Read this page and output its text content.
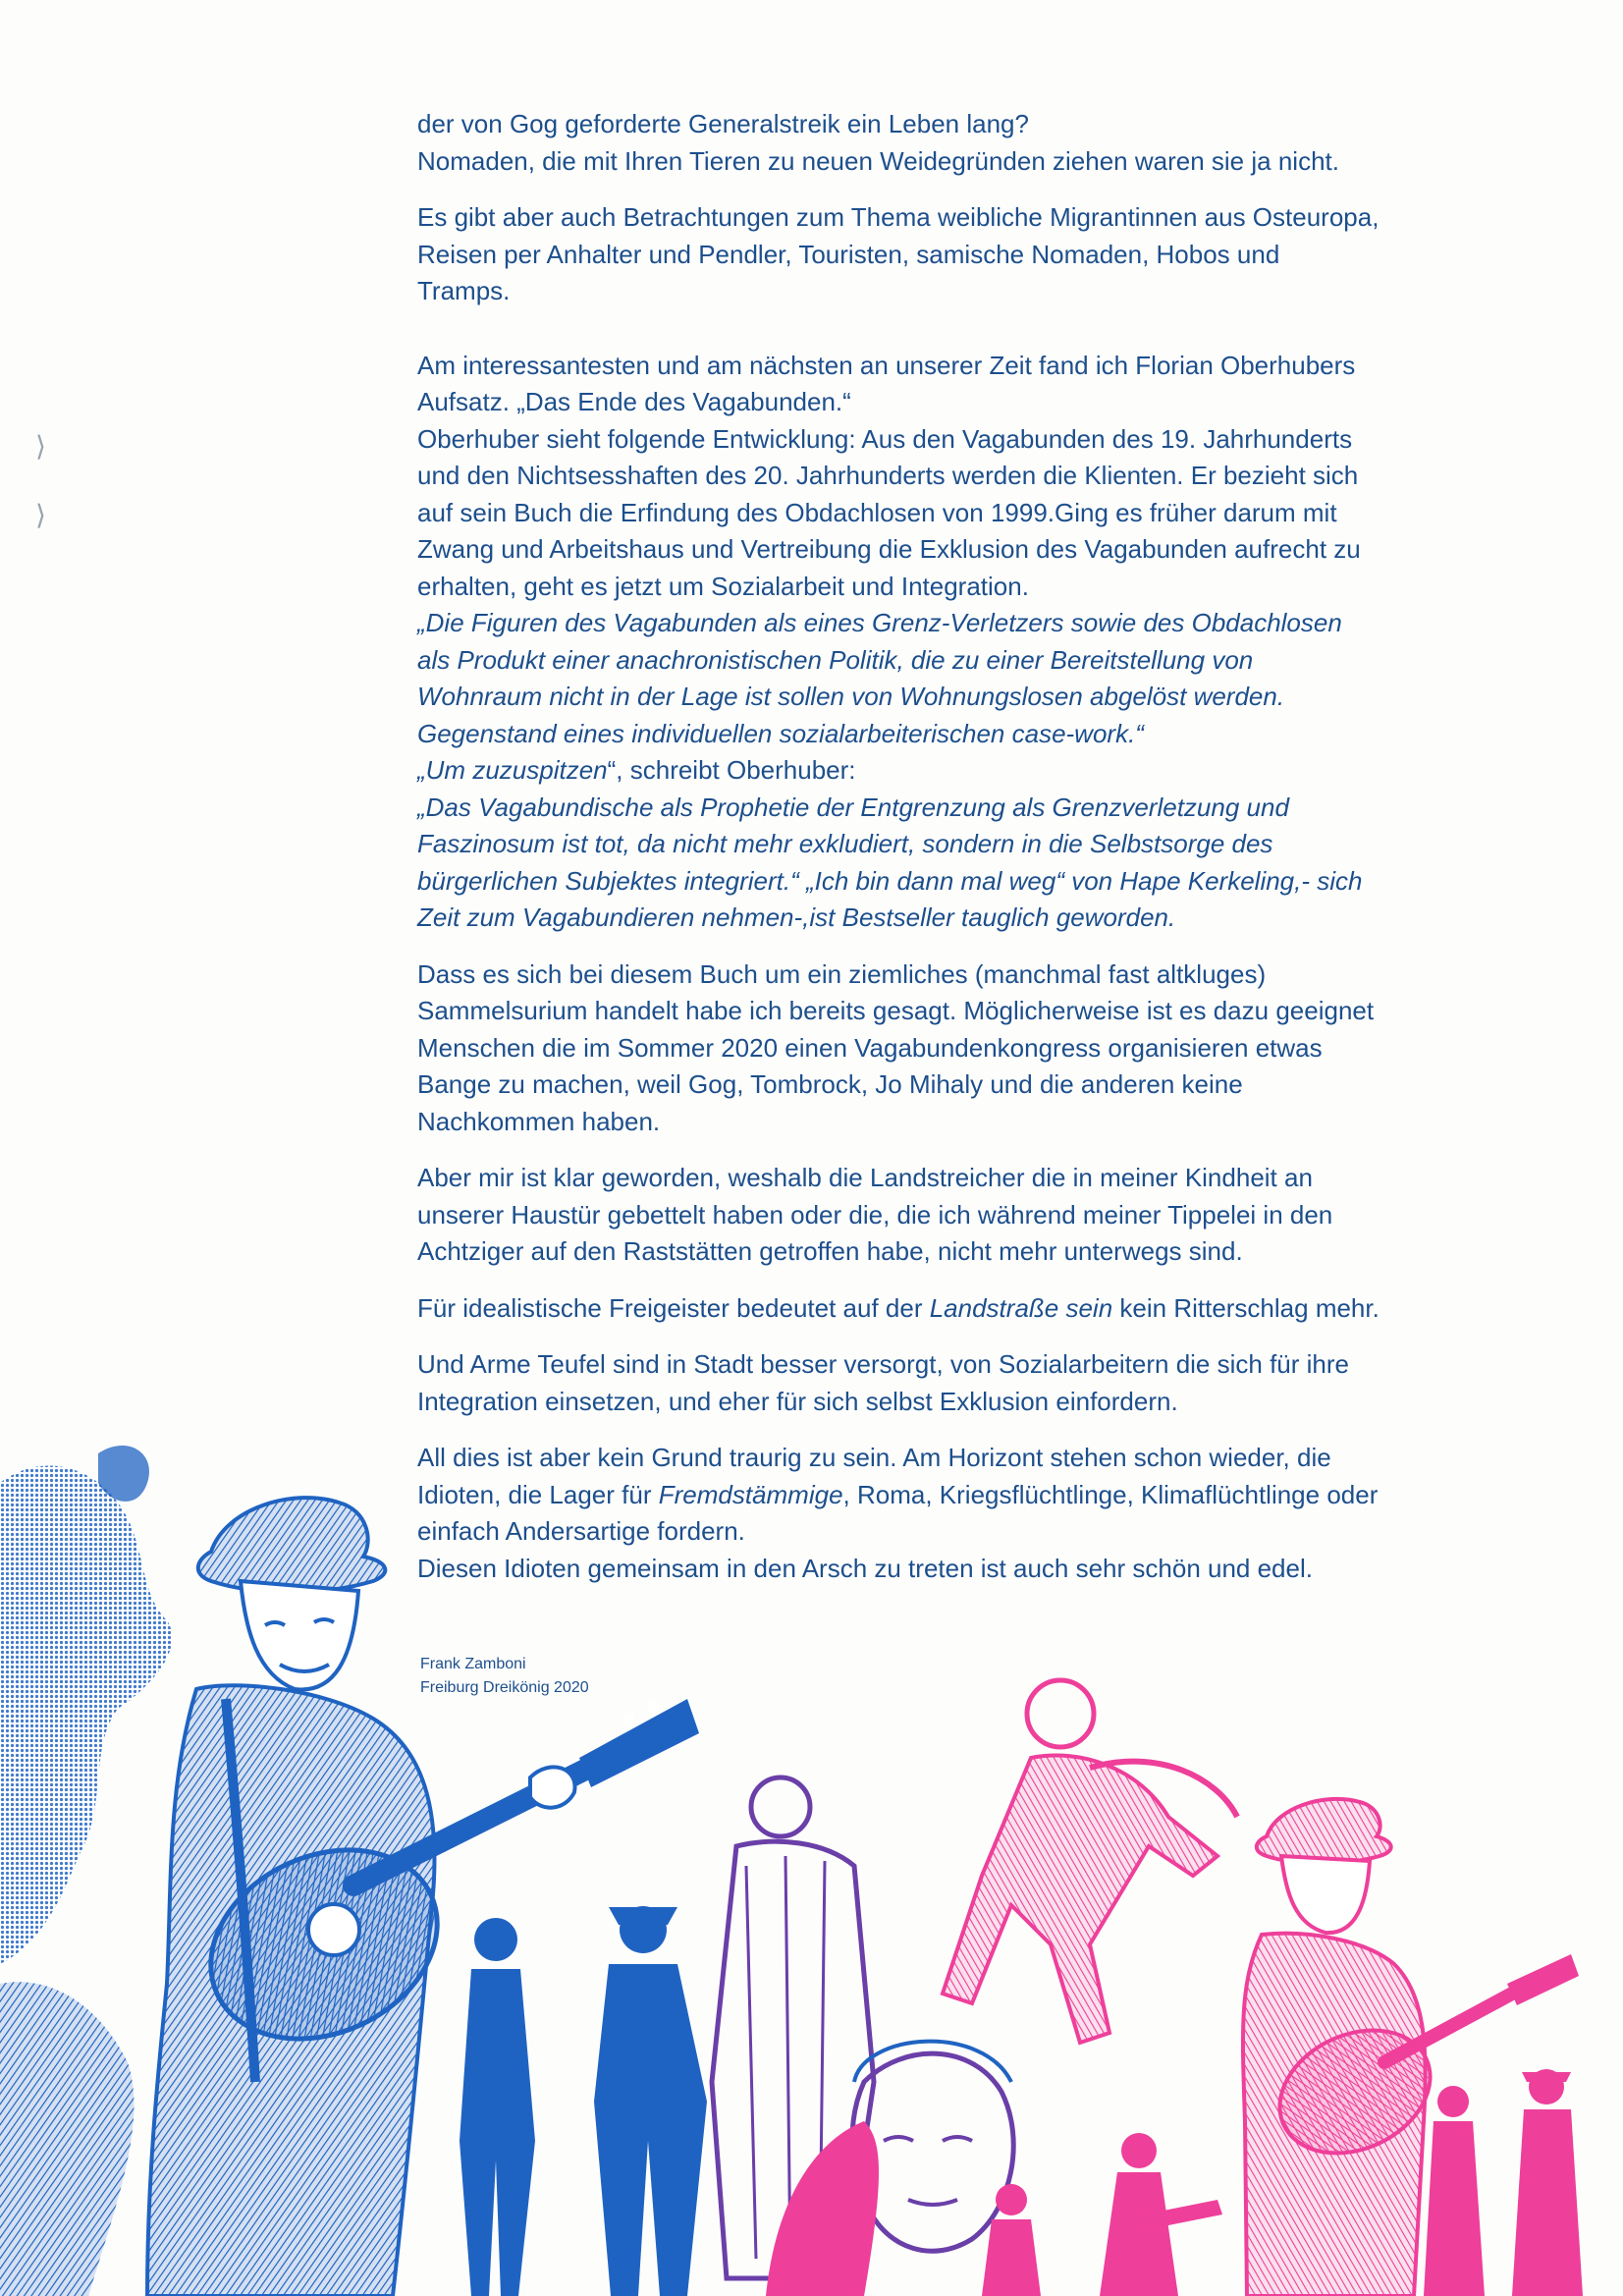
⟩
⟩
der von Gog geforderte Generalstreik ein Leben lang?
Nomaden, die mit Ihren Tieren zu neuen Weidegründen ziehen waren sie ja nicht.
Es gibt aber auch Betrachtungen zum Thema weibliche Migrantinnen aus Osteuropa,
Reisen per Anhalter und Pendler, Touristen, samische Nomaden, Hobos und
Tramps.
Am interessantesten und am nächsten an unserer Zeit fand ich Florian Oberhubers
Aufsatz. „Das Ende des Vagabunden.“
Oberhuber sieht folgende Entwicklung: Aus den Vagabunden des 19. Jahrhunderts
und den Nichtsesshaften des 20. Jahrhunderts werden die Klienten. Er bezieht sich
auf sein Buch die Erfindung des Obdachlosen von 1999.Ging es früher darum mit
Zwang und Arbeitshaus und Vertreibung die Exklusion des Vagabunden aufrecht zu
erhalten, geht es jetzt um Sozialarbeit und Integration.
„Die Figuren des Vagabunden als eines Grenz-Verletzers sowie des Obdachlosen
als Produkt einer anachronistischen Politik, die zu einer Bereitstellung von
Wohnraum nicht in der Lage ist sollen von Wohnungslosen abgelöst werden.
Gegenstand eines individuellen sozialarbeiterischen case-work.“
„Um zuzuspitzen“, schreibt Oberhuber:
„Das Vagabundische als Prophetie der Entgrenzung als Grenzverletzung und
Faszinosum ist tot, da nicht mehr exkludiert, sondern in die Selbstsorge des
bürgerlichen Subjektes integriert.“ „Ich bin dann mal weg“ von Hape Kerkeling,- sich
Zeit zum Vagabundieren nehmen-,ist Bestseller tauglich geworden.
Dass es sich bei diesem Buch um ein ziemliches (manchmal fast altkluges)
Sammelsurium handelt habe ich bereits gesagt. Möglicherweise ist es dazu geeignet
Menschen die im Sommer 2020 einen Vagabundenkongress organisieren etwas
Bange zu machen, weil Gog, Tombrock, Jo Mihaly und die anderen keine
Nachkommen haben.
Aber mir ist klar geworden, weshalb die Landstreicher die in meiner Kindheit an
unserer Haustür gebettelt haben oder die, die ich während meiner Tippelei in den
Achtziger auf den Raststätten getroffen habe, nicht mehr unterwegs sind.
Für idealistische Freigeister bedeutet auf der Landstraße sein kein Ritterschlag mehr.
Und Arme Teufel sind in Stadt besser versorgt, von Sozialarbeitern die sich für ihre
Integration einsetzen, und eher für sich selbst Exklusion einfordern.
All dies ist aber kein Grund traurig zu sein. Am Horizont stehen schon wieder, die
Idioten, die Lager für Fremdstämmige, Roma, Kriegsflüchtlinge, Klimaflüchtlinge oder
einfach Andersartige fordern.
Diesen Idioten gemeinsam in den Arsch zu treten ist auch sehr schön und edel.
Frank Zamboni
Freiburg Dreikönig 2020
